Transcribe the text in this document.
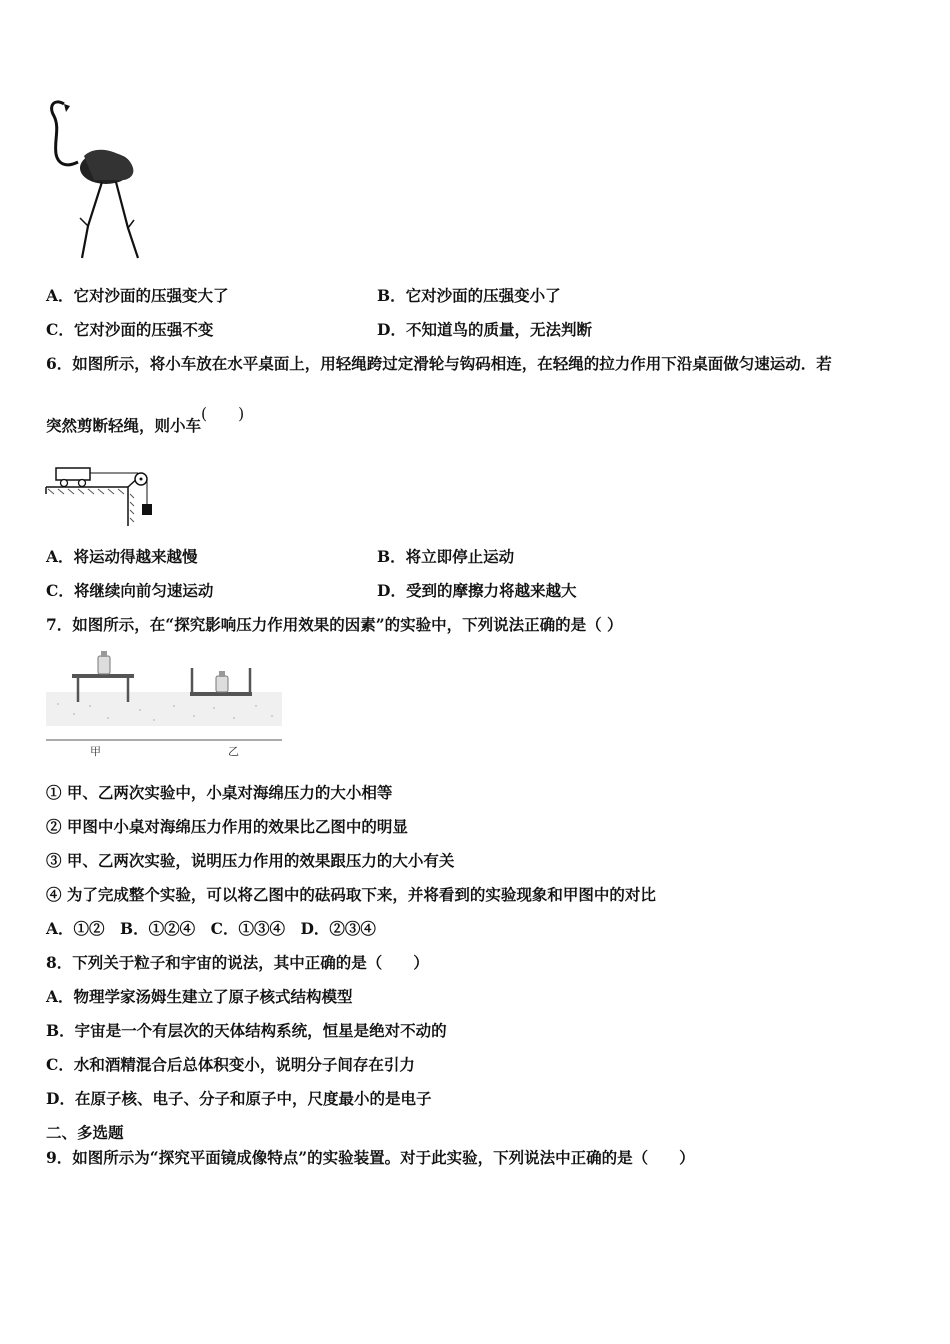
A．它对沙面的压强变大了	B．它对沙面的压强变小了
C．它对沙面的压强不变	D．不知道鸟的质量，无法判断
6．如图所示，将小车放在水平桌面上，用轻绳跨过定滑轮与钩码相连，在轻绳的拉力作用下沿桌面做匀速运动．若
突然剪断轻绳，则小车(　　)
A．将运动得越来越慢	B．将立即停止运动
C．将继续向前匀速运动	D．受到的摩擦力将越来越大
7．如图所示，在“探究影响压力作用效果的因素”的实验中，下列说法正确的是（ ）
甲	乙
① 甲、乙两次实验中，小桌对海绵压力的大小相等
② 甲图中小桌对海绵压力作用的效果比乙图中的明显
③ 甲、乙两次实验，说明压力作用的效果跟压力的大小有关
④ 为了完成整个实验，可以将乙图中的砝码取下来，并将看到的实验现象和甲图中的对比
A．①②　B．①②④　C．①③④　D．②③④
8．下列关于粒子和宇宙的说法，其中正确的是（　　）
A．物理学家汤姆生建立了原子核式结构模型
B．宇宙是一个有层次的天体结构系统，恒星是绝对不动的
C．水和酒精混合后总体积变小，说明分子间存在引力
D．在原子核、电子、分子和原子中，尺度最小的是电子
二、多选题
9．如图所示为“探究平面镜成像特点”的实验装置。对于此实验，下列说法中正确的是（　　）
